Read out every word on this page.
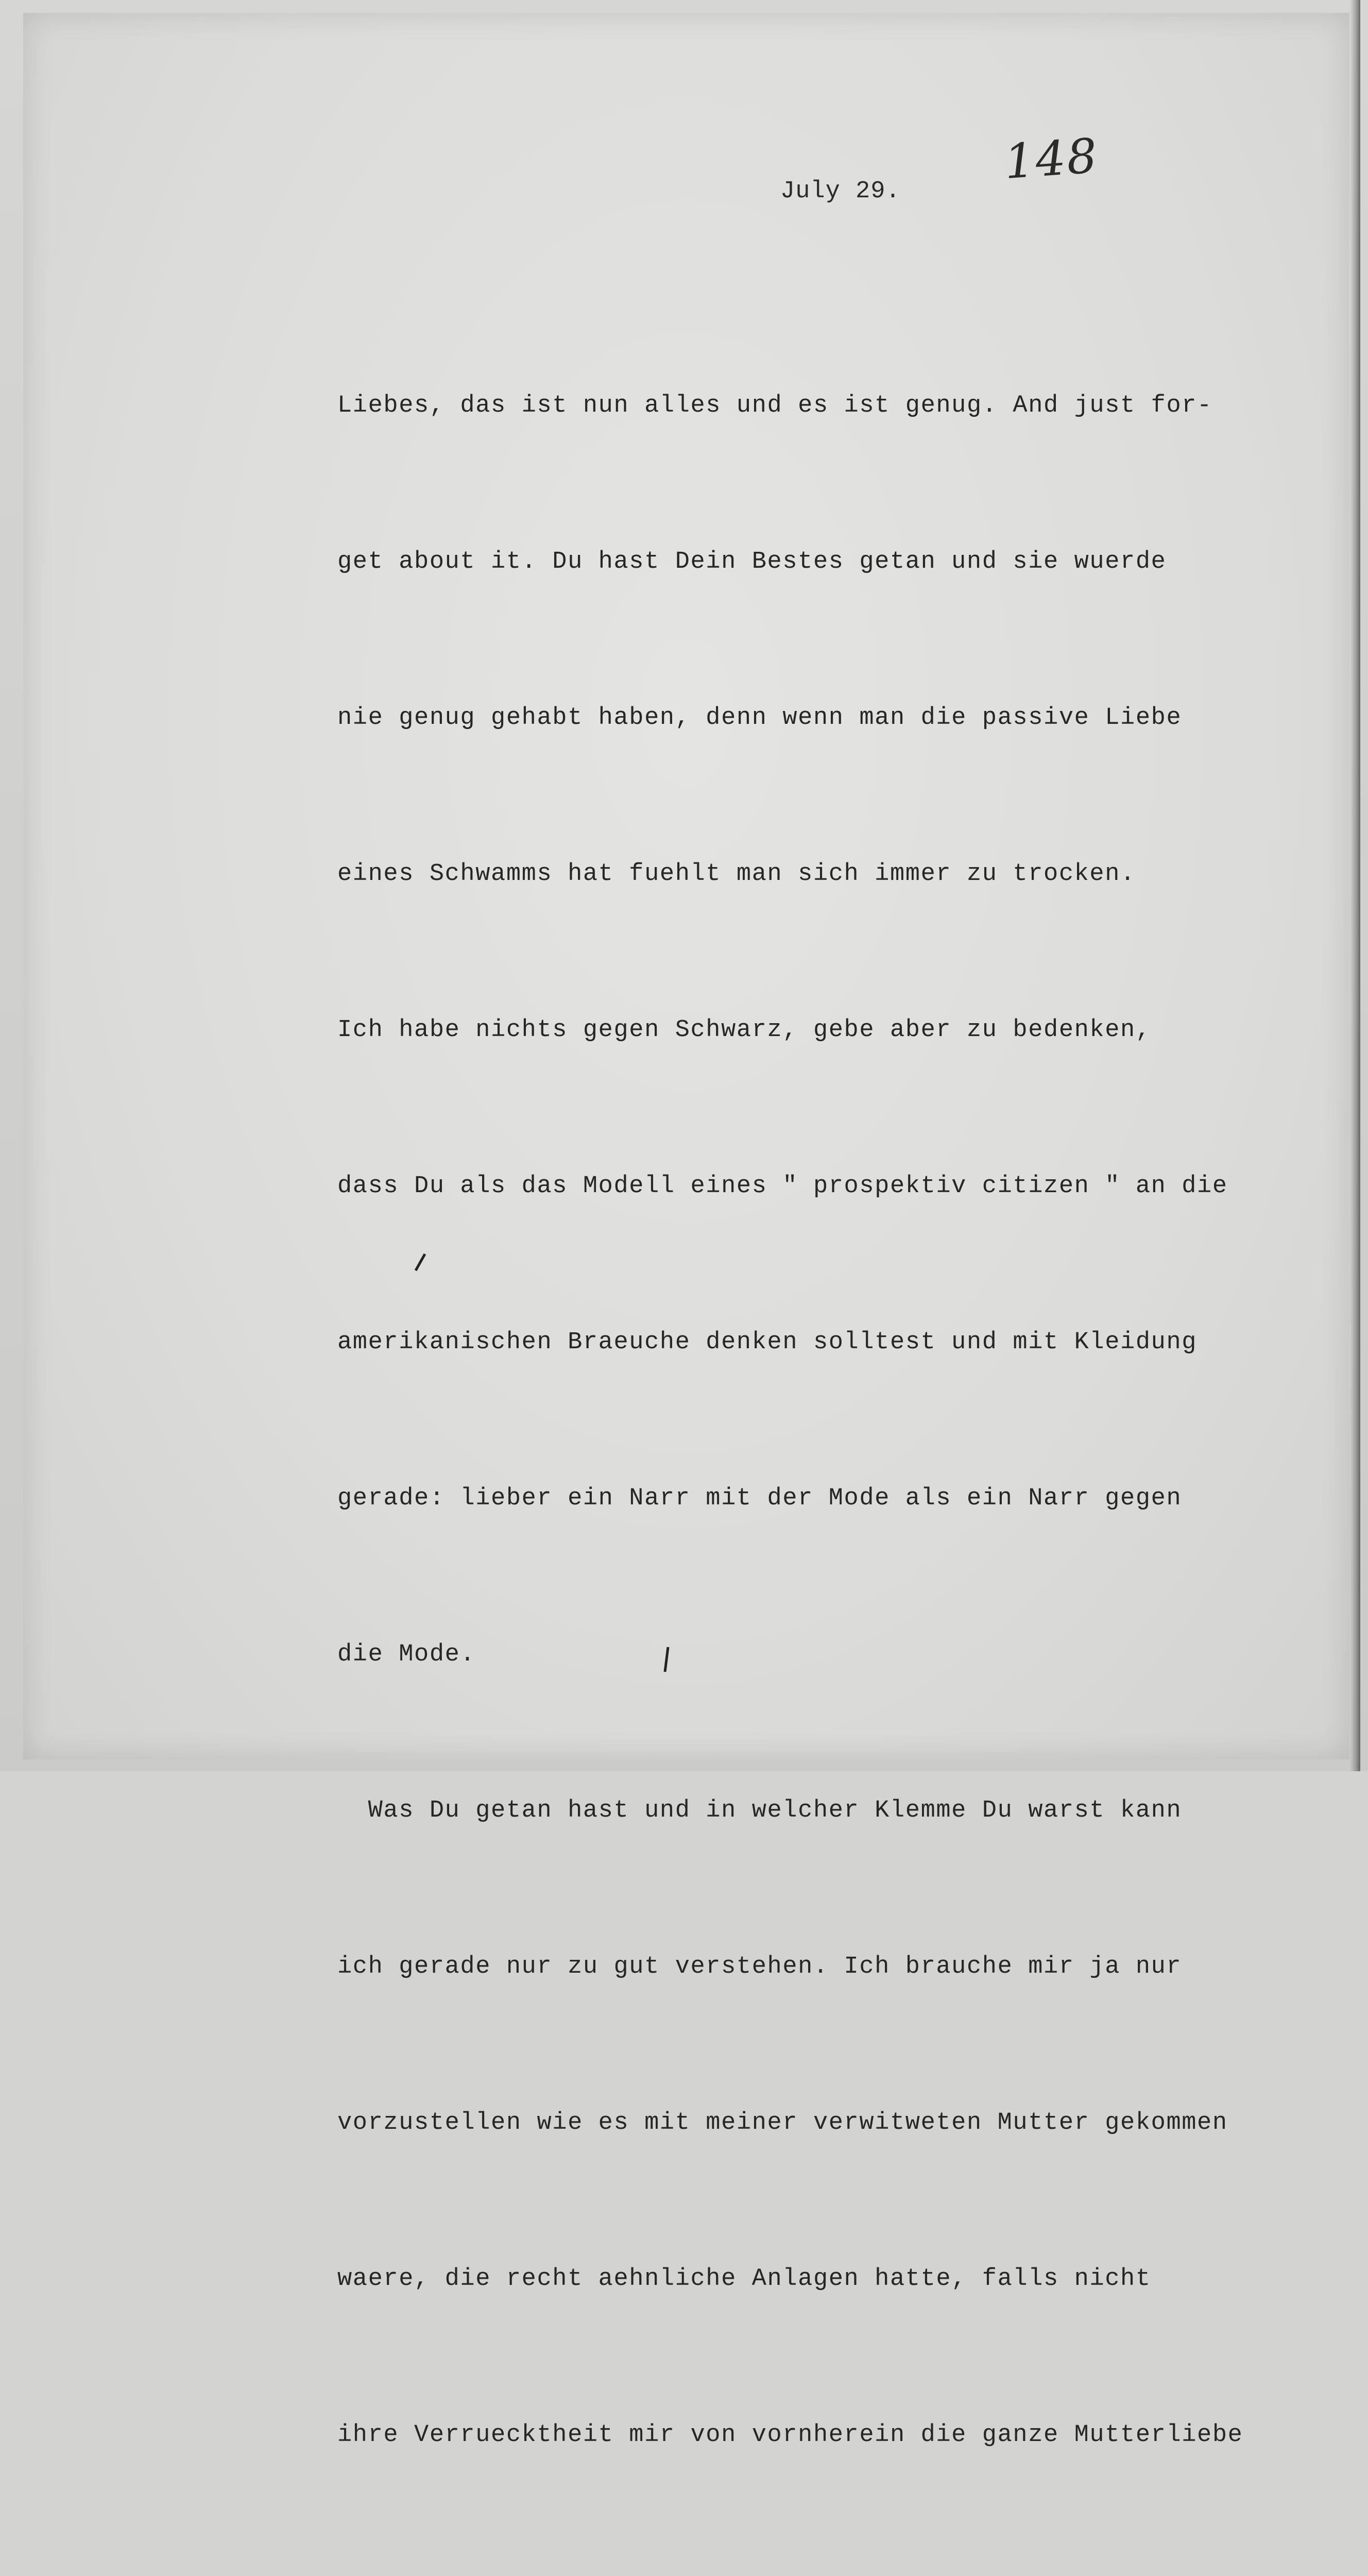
148
July 29.

Liebes, das ist nun alles und es ist genug. And just for-

get about it. Du hast Dein Bestes getan und sie wuerde

nie genug gehabt haben, denn wenn man die passive Liebe

eines Schwamms hat fuehlt man sich immer zu trocken.

Ich habe nichts gegen Schwarz, gebe aber zu bedenken,

dass Du als das Modell eines " prospektiv citizen " an die

amerikanischen Braeuche denken solltest und mit Kleidung

gerade: lieber ein Narr mit der Mode als ein Narr gegen

die Mode.

Was Du getan hast und in welcher Klemme Du warst kann

ich gerade nur zu gut verstehen. Ich brauche mir ja nur

vorzustellen wie es mit meiner verwitweten Mutter gekommen

waere, die recht aehnliche Anlagen hatte, falls nicht

ihre Verruecktheit mir von vornherein die ganze Mutterliebe
